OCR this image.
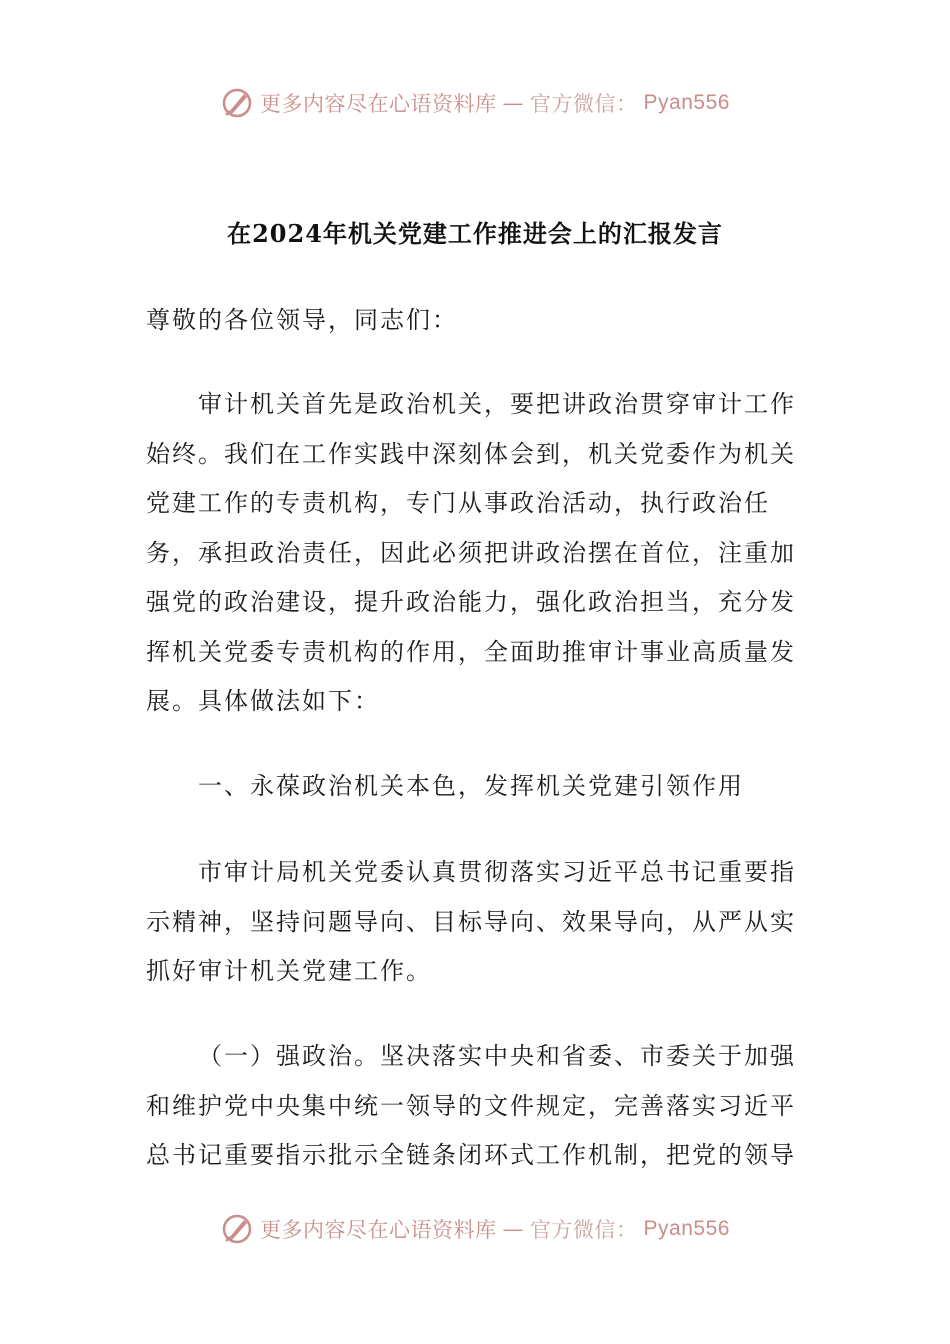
更多内容尽在心语资料库 — 官方微信： Pyan556
在2024年机关党建工作推进会上的汇报发言

尊敬的各位领导，同志们：

审计机关首先是政治机关，要把讲政治贯穿审计工作始终。我们在工作实践中深刻体会到，机关党委作为机关党建工作的专责机构，专门从事政治活动，执行政治任务，承担政治责任，因此必须把讲政治摆在首位，注重加强党的政治建设，提升政治能力，强化政治担当，充分发挥机关党委专责机构的作用，全面助推审计事业高质量发展。具体做法如下：

一、永葆政治机关本色，发挥机关党建引领作用

市审计局机关党委认真贯彻落实习近平总书记重要指示精神，坚持问题导向、目标导向、效果导向，从严从实抓好审计机关党建工作。

（一）强政治。坚决落实中央和省委、市委关于加强和维护党中央集中统一领导的文件规定，完善落实习近平总书记重要指示批示全链条闭环式工作机制，把党的领导

更多内容尽在心语资料库 — 官方微信： Pyan556
